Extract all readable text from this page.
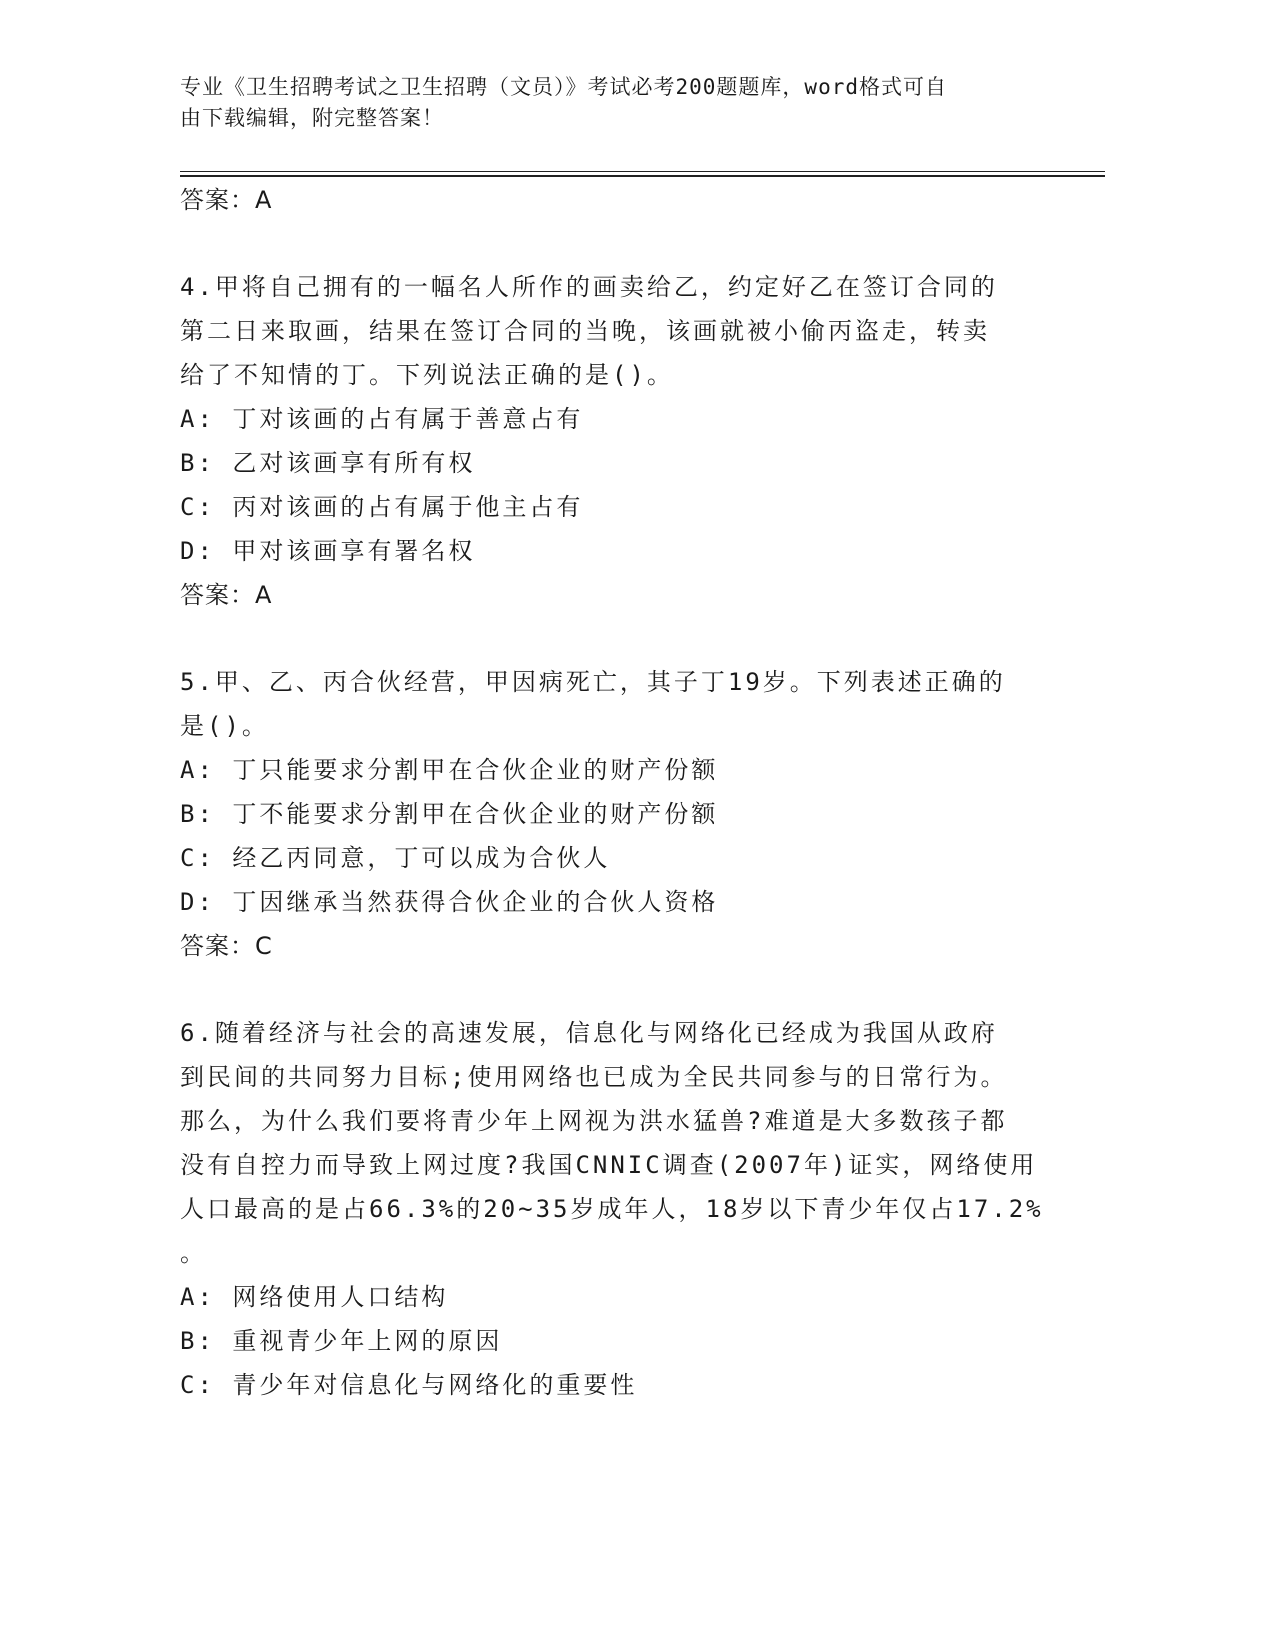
专业《卫生招聘考试之卫生招聘（文员）》考试必考200题题库，word格式可自
由下载编辑，附完整答案！
答案：A
4.甲将自己拥有的一幅名人所作的画卖给乙，约定好乙在签订合同的
第二日来取画，结果在签订合同的当晚，该画就被小偷丙盗走，转卖
给了不知情的丁。下列说法正确的是()。
A: 丁对该画的占有属于善意占有
B: 乙对该画享有所有权
C: 丙对该画的占有属于他主占有
D: 甲对该画享有署名权
答案：A
5.甲、乙、丙合伙经营，甲因病死亡，其子丁19岁。下列表述正确的
是()。
A: 丁只能要求分割甲在合伙企业的财产份额
B: 丁不能要求分割甲在合伙企业的财产份额
C: 经乙丙同意，丁可以成为合伙人
D: 丁因继承当然获得合伙企业的合伙人资格
答案：C
6.随着经济与社会的高速发展，信息化与网络化已经成为我国从政府
到民间的共同努力目标;使用网络也已成为全民共同参与的日常行为。
那么，为什么我们要将青少年上网视为洪水猛兽?难道是大多数孩子都
没有自控力而导致上网过度?我国CNNIC调查(2007年)证实，网络使用
人口最高的是占66.3%的20~35岁成年人，18岁以下青少年仅占17.2%
。
A: 网络使用人口结构
B: 重视青少年上网的原因
C: 青少年对信息化与网络化的重要性
